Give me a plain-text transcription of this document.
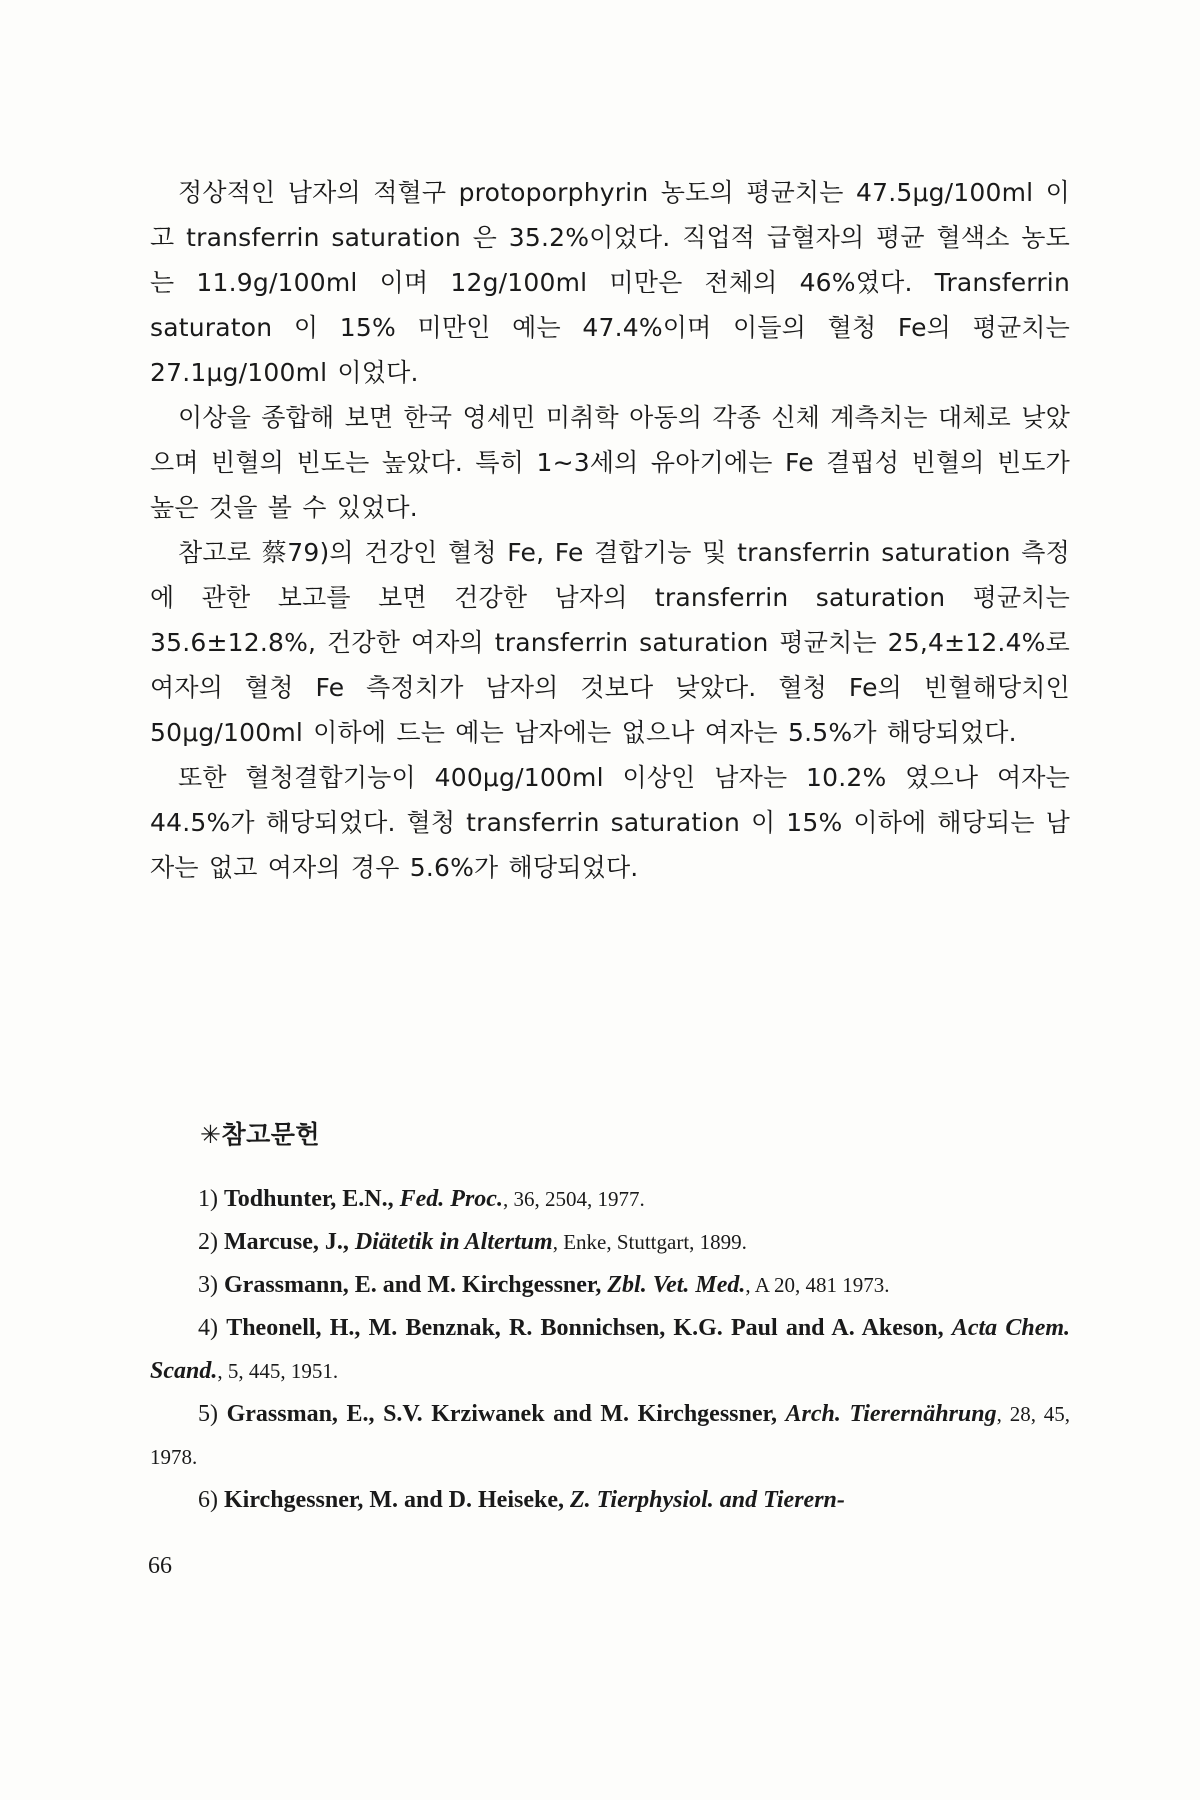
정상적인 남자의 적혈구 protoporphyrin 농도의 평균치는 47.5μg/100ml 이고 transferrin saturation 은 35.2%이었다. 직업적 급혈자의 평균 혈색소 농도는 11.9g/100ml 이며 12g/100ml 미만은 전체의 46%였다. Transferrin saturaton 이 15% 미만인 예는 47.4%이며 이들의 혈청 Fe의 평균치는 27.1μg/100ml 이었다.

이상을 종합해 보면 한국 영세민 미취학 아동의 각종 신체 계측치는 대체로 낮았으며 빈혈의 빈도는 높았다. 특히 1∼3세의 유아기에는 Fe 결핍성 빈혈의 빈도가 높은 것을 볼 수 있었다.

참고로 蔡79)의 건강인 혈청 Fe, Fe 결합기능 및 transferrin saturation 측정에 관한 보고를 보면 건강한 남자의 transferrin saturation 평균치는 35.6±12.8%, 건강한 여자의 transferrin saturation 평균치는 25,4±12.4%로 여자의 혈청 Fe 측정치가 남자의 것보다 낮았다. 혈청 Fe의 빈혈해당치인 50μg/100ml 이하에 드는 예는 남자에는 없으나 여자는 5.5%가 해당되었다.

또한 혈청결합기능이 400μg/100ml 이상인 남자는 10.2% 였으나 여자는 44.5%가 해당되었다. 혈청 transferrin saturation 이 15% 이하에 해당되는 남자는 없고 여자의 경우 5.6%가 해당되었다.

✳참고문헌

1) Todhunter, E.N., Fed. Proc., 36, 2504, 1977.

2) Marcuse, J., Diätetik in Altertum, Enke, Stuttgart, 1899.

3) Grassmann, E. and M. Kirchgessner, Zbl. Vet. Med., A 20, 481 1973.

4) Theonell, H., M. Benznak, R. Bonnichsen, K.G. Paul and A. Akeson, Acta Chem. Scand., 5, 445, 1951.

5) Grassman, E., S.V. Krziwanek and M. Kirchgessner, Arch. Tierernährung, 28, 45, 1978.

6) Kirchgessner, M. and D. Heiseke, Z. Tierphysiol. and Tierern-

66
